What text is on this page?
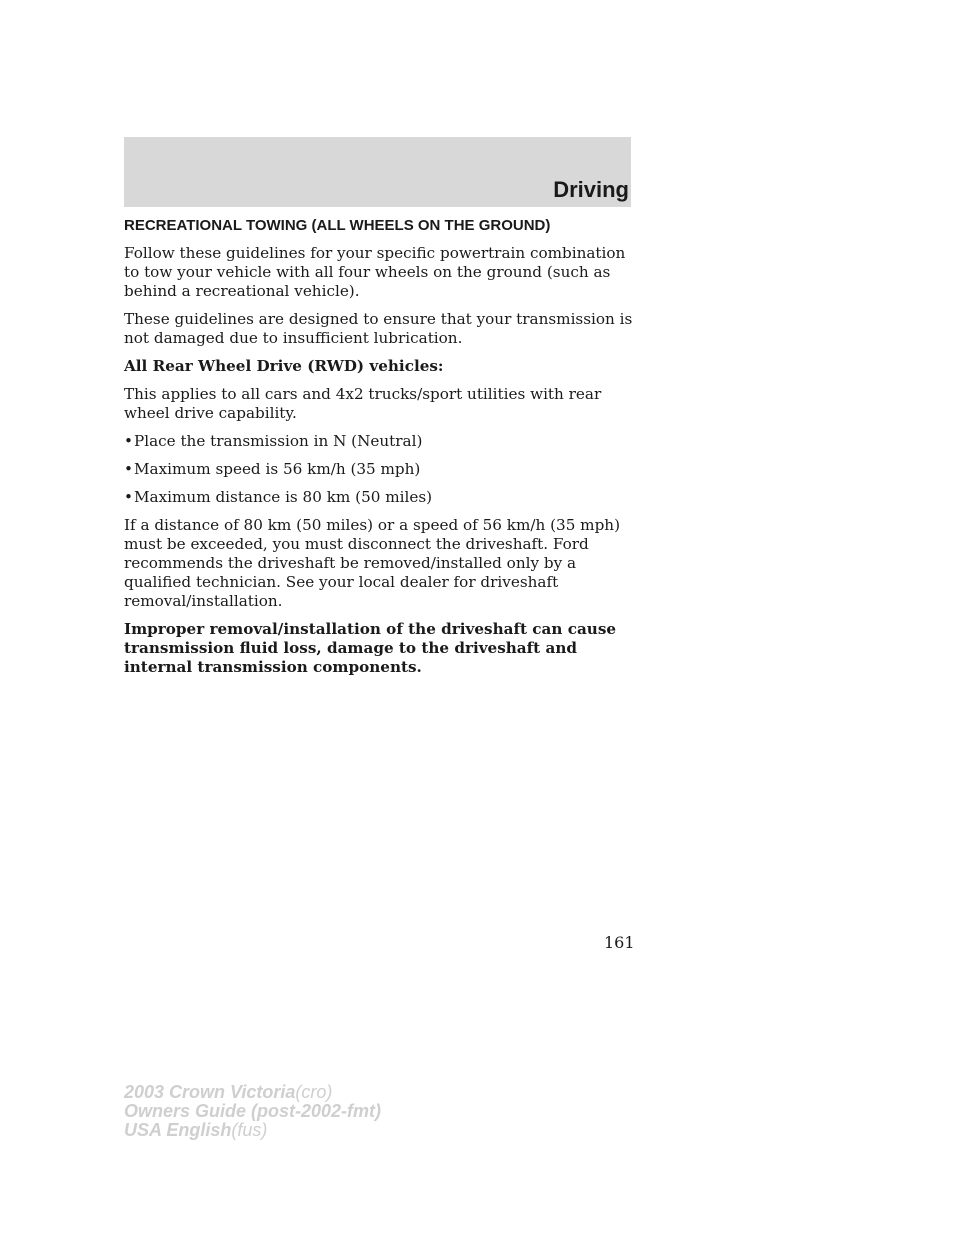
Driving
RECREATIONAL TOWING (ALL WHEELS ON THE GROUND)

Follow these guidelines for your specific powertrain combination to tow your vehicle with all four wheels on the ground (such as behind a recreational vehicle).

These guidelines are designed to ensure that your transmission is not damaged due to insufficient lubrication.

All Rear Wheel Drive (RWD) vehicles:

This applies to all cars and 4x2 trucks/sport utilities with rear wheel drive capability.

• Place the transmission in N (Neutral)
• Maximum speed is 56 km/h (35 mph)
• Maximum distance is 80 km (50 miles)

If a distance of 80 km (50 miles) or a speed of 56 km/h (35 mph) must be exceeded, you must disconnect the driveshaft. Ford recommends the driveshaft be removed/installed only by a qualified technician. See your local dealer for driveshaft removal/installation.

Improper removal/installation of the driveshaft can cause transmission fluid loss, damage to the driveshaft and internal transmission components.

161
2003 Crown Victoria(cro)
Owners Guide (post-2002-fmt)
USA English(fus)
